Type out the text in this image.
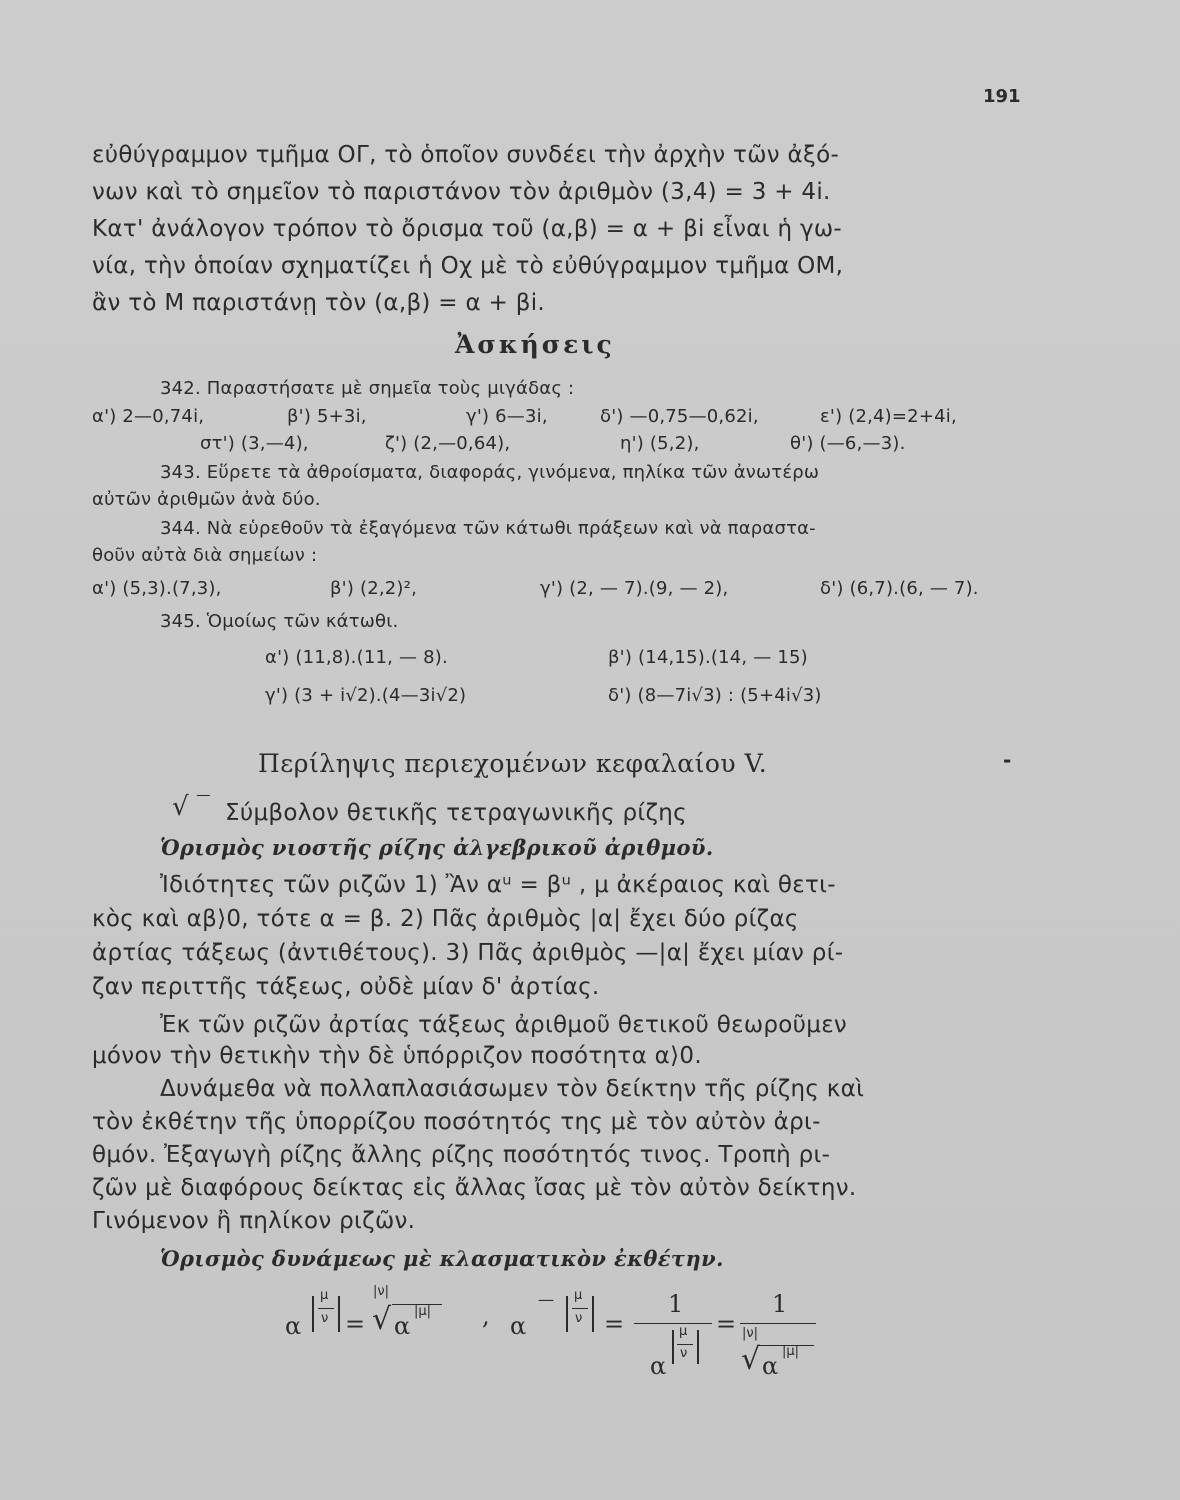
191
εὐθύγραμμον τμῆμα ΟΓ, τὸ ὁποῖον συνδέει τὴν ἀρχὴν τῶν ἀξό-
νων καὶ τὸ σημεῖον τὸ παριστάνον τὸν ἀριθμὸν (3,4) = 3 + 4i.
Κατ' ἀνάλογον τρόπον τὸ ὄρισμα τοῦ (α,β) = α + βi εἶναι ἡ γω-
νία, τὴν ὁποίαν σχηματίζει ἡ Οχ μὲ τὸ εὐθύγραμμον τμῆμα ΟΜ,
ἂν τὸ Μ παριστάνῃ τὸν (α,β) = α + βi.
Ἀσκήσεις
342. Παραστήσατε μὲ σημεῖα τοὺς μιγάδας :
α') 2—0,74i,	β') 5+3i,	γ') 6—3i,	δ') —0,75—0,62i,	ε') (2,4)=2+4i,
στ') (3,—4),	ζ') (2,—0,64),	η') (5,2),	θ') (—6,—3).
343. Εὕρετε τὰ ἀθροίσματα, διαφοράς, γινόμενα, πηλίκα τῶν ἀνωτέρω
αὐτῶν ἀριθμῶν ἀνὰ δύο.
344. Νὰ εὑρεθοῦν τὰ ἐξαγόμενα τῶν κάτωθι πράξεων καὶ νὰ παραστα-
θοῦν αὐτὰ διὰ σημείων :
α') (5,3).(7,3),	β') (2,2)²,	γ') (2, — 7).(9, — 2),	δ') (6,7).(6, — 7).
345. Ὁμοίως τῶν κάτωθι.
α') (11,8).(11, — 8).	β') (14,15).(14, — 15)
γ') (3 + i√2).(4—3i√2)	δ') (8—7i√3) : (5+4i√3)
Περίληψις περιεχομένων κεφαλαίου V.	-
√ ‾ Σύμβολον θετικῆς τετραγωνικῆς ρίζης
Ὁρισμὸς νιοστῆς ρίζης ἀλγεβρικοῦ ἀριθμοῦ.
Ἰδιότητες τῶν ριζῶν 1) Ἂν αᵘ = βᵘ , μ ἀκέραιος καὶ θετι-
κὸς καὶ αβ⟩0, τότε α = β. 2) Πᾶς ἀριθμὸς |α| ἔχει δύο ρίζας
ἀρτίας τάξεως (ἀντιθέτους). 3) Πᾶς ἀριθμὸς —|α| ἔχει μίαν ρί-
ζαν περιττῆς τάξεως, οὐδὲ μίαν δ' ἀρτίας.
Ἐκ τῶν ριζῶν ἀρτίας τάξεως ἀριθμοῦ θετικοῦ θεωροῦμεν
μόνον τὴν θετικὴν τὴν δὲ ὑπόρριζον ποσότητα α⟩0.
Δυνάμεθα νὰ πολλαπλασιάσωμεν τὸν δείκτην τῆς ρίζης καὶ
τὸν ἐκθέτην τῆς ὑπορρίζου ποσότητός της μὲ τὸν αὐτὸν ἀρι-
θμόν. Ἐξαγωγὴ ρίζης ἄλλης ρίζης ποσότητός τινος. Τροπὴ ρι-
ζῶν μὲ διαφόρους δείκτας εἰς ἄλλας ἴσας μὲ τὸν αὐτὸν δείκτην.
Γινόμενον ἢ πηλίκον ριζῶν.
Ὁρισμὸς δυνάμεως μὲ κλασματικὸν ἐκθέτην.
α
μ
ν =
|ν|
√ α
|μ| , α
— μ
ν =
1
α
μ
ν
=
1
|ν|
√ α
|μ|
